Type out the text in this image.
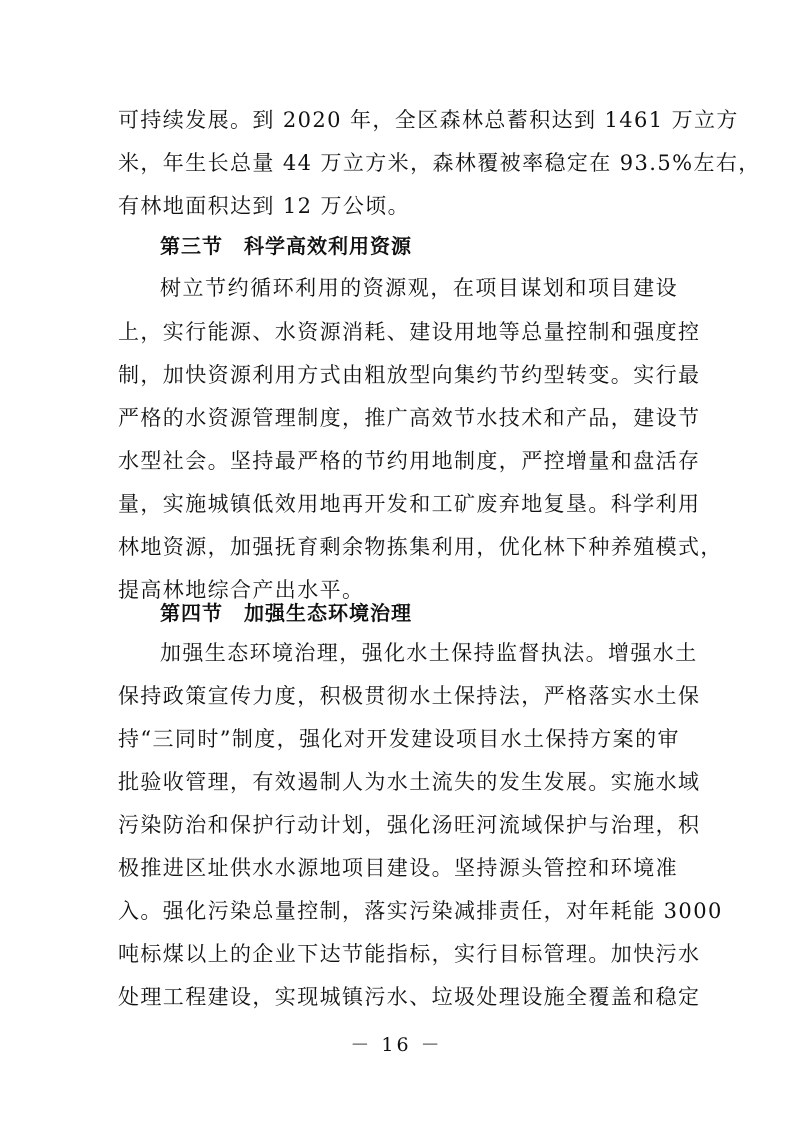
可持续发展。到 2020 年，全区森林总蓄积达到 1461 万立方
米，年生长总量 44 万立方米，森林覆被率稳定在 93.5%左右，
有林地面积达到 12 万公顷。
第三节　科学高效利用资源
树立节约循环利用的资源观，在项目谋划和项目建设
上，实行能源、水资源消耗、建设用地等总量控制和强度控
制，加快资源利用方式由粗放型向集约节约型转变。实行最
严格的水资源管理制度，推广高效节水技术和产品，建设节
水型社会。坚持最严格的节约用地制度，严控增量和盘活存
量，实施城镇低效用地再开发和工矿废弃地复垦。科学利用
林地资源，加强抚育剩余物拣集利用，优化林下种养殖模式，
提高林地综合产出水平。
第四节　加强生态环境治理
加强生态环境治理，强化水土保持监督执法。增强水土
保持政策宣传力度，积极贯彻水土保持法，严格落实水土保
持“三同时”制度，强化对开发建设项目水土保持方案的审
批验收管理，有效遏制人为水土流失的发生发展。实施水域
污染防治和保护行动计划，强化汤旺河流域保护与治理，积
极推进区址供水水源地项目建设。坚持源头管控和环境准
入。强化污染总量控制，落实污染减排责任，对年耗能 3000
吨标煤以上的企业下达节能指标，实行目标管理。加快污水
处理工程建设，实现城镇污水、垃圾处理设施全覆盖和稳定
－ 16 －
